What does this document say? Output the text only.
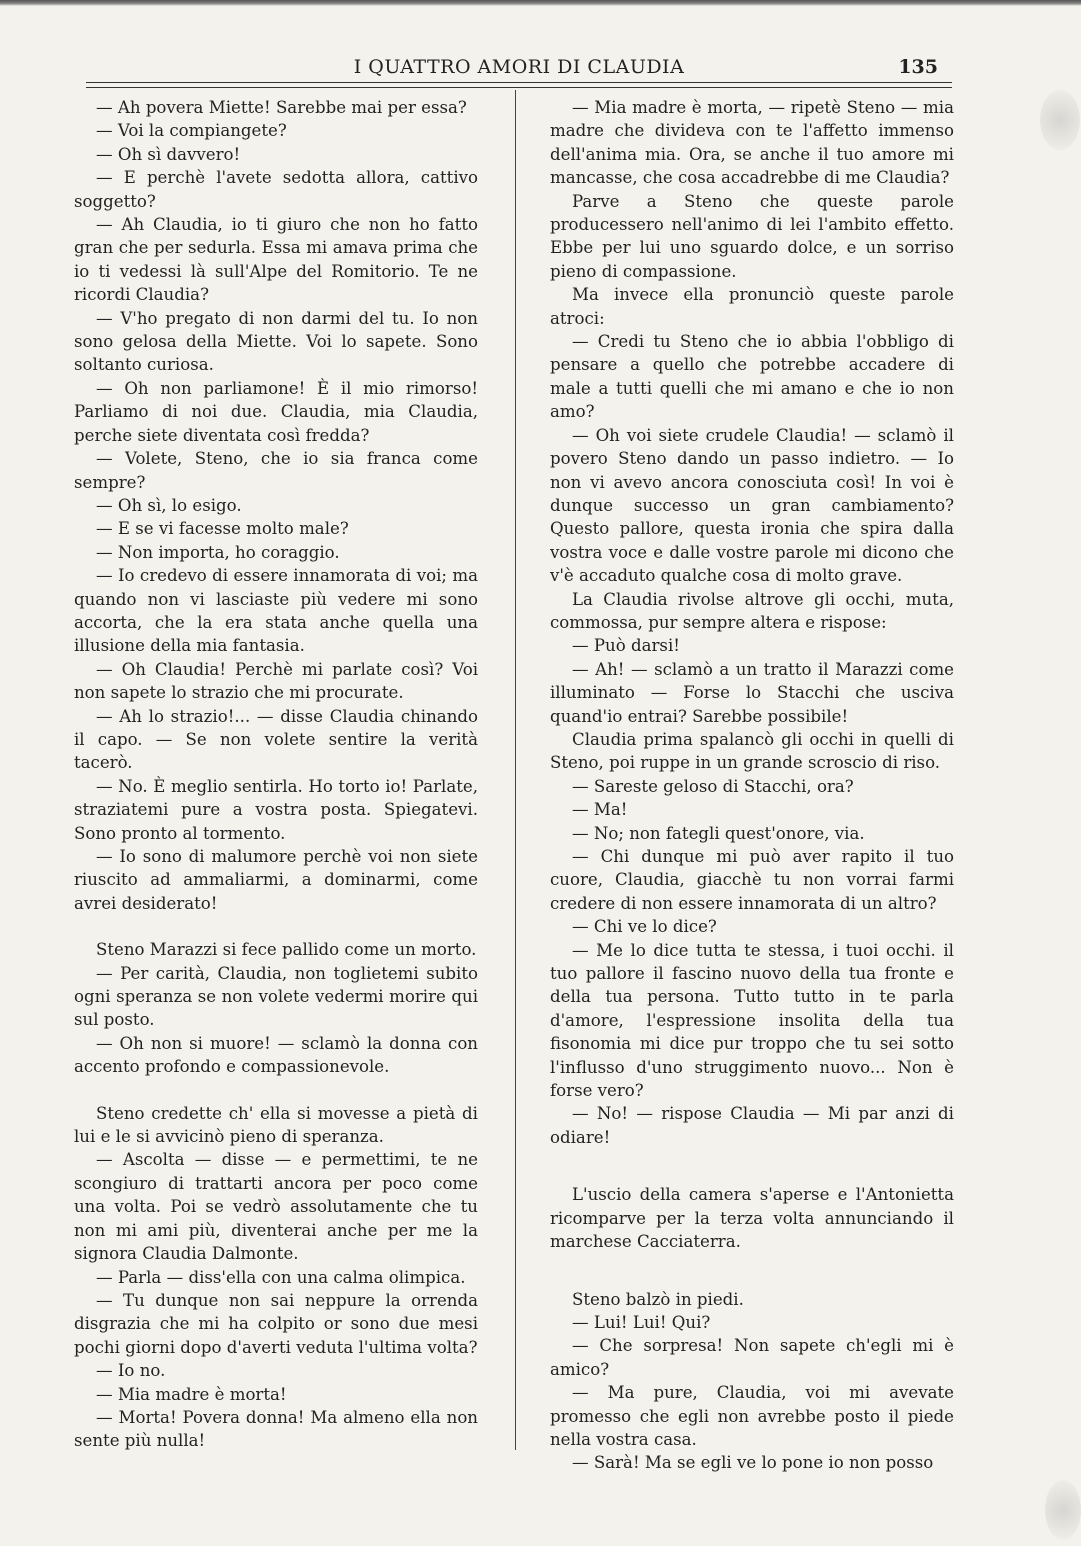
I QUATTRO AMORI DI CLAUDIA	135

— Ah povera Miette! Sarebbe mai per essa?

— Voi la compiangete?

— Oh sì davvero!

— E perchè l'avete sedotta allora, cattivo soggetto?

— Ah Claudia, io ti giuro che non ho fatto gran che per sedurla. Essa mi amava prima che io ti vedessi là sull'Alpe del Romitorio. Te ne ricordi Claudia?

— V'ho pregato di non darmi del tu. Io non sono gelosa della Miette. Voi lo sapete. Sono soltanto curiosa.

— Oh non parliamone! È il mio rimorso! Parliamo di noi due. Claudia, mia Claudia, perche siete diventata così fredda?

— Volete, Steno, che io sia franca come sempre?

— Oh sì, lo esigo.

— E se vi facesse molto male?

— Non importa, ho coraggio.

— Io credevo di essere innamorata di voi; ma quando non vi lasciaste più vedere mi sono accorta, che la era stata anche quella una illusione della mia fantasia.

— Oh Claudia! Perchè mi parlate così? Voi non sapete lo strazio che mi procurate.

— Ah lo strazio!... — disse Claudia chinando il capo. — Se non volete sentire la verità tacerò.

— No. È meglio sentirla. Ho torto io! Parlate, straziatemi pure a vostra posta. Spiegatevi. Sono pronto al tormento.

— Io sono di malumore perchè voi non siete riuscito ad ammaliarmi, a dominarmi, come avrei desiderato!

Steno Marazzi si fece pallido come un morto.

— Per carità, Claudia, non toglietemi subito ogni speranza se non volete vedermi morire qui sul posto.

— Oh non si muore! — sclamò la donna con accento profondo e compassionevole.

Steno credette ch' ella si movesse a pietà di lui e le si avvicinò pieno di speranza.

— Ascolta — disse — e permettimi, te ne scongiuro di trattarti ancora per poco come una volta. Poi se vedrò assolutamente che tu non mi ami più, diventerai anche per me la signora Claudia Dalmonte.

— Parla — diss'ella con una calma olimpica.

— Tu dunque non sai neppure la orrenda disgrazia che mi ha colpito or sono due mesi pochi giorni dopo d'averti veduta l'ultima volta?

— Io no.

— Mia madre è morta!

— Morta! Povera donna! Ma almeno ella non sente più nulla!

— Mia madre è morta, — ripetè Steno — mia madre che divideva con te l'affetto immenso dell'anima mia. Ora, se anche il tuo amore mi mancasse, che cosa accadrebbe di me Claudia?

Parve a Steno che queste parole producessero nell'animo di lei l'ambito effetto. Ebbe per lui uno sguardo dolce, e un sorriso pieno di compassione.

Ma invece ella pronunciò queste parole atroci:

— Credi tu Steno che io abbia l'obbligo di pensare a quello che potrebbe accadere di male a tutti quelli che mi amano e che io non amo?

— Oh voi siete crudele Claudia! — sclamò il povero Steno dando un passo indietro. — Io non vi avevo ancora conosciuta così! In voi è dunque successo un gran cambiamento? Questo pallore, questa ironia che spira dalla vostra voce e dalle vostre parole mi dicono che v'è accaduto qualche cosa di molto grave.

La Claudia rivolse altrove gli occhi, muta, commossa, pur sempre altera e rispose:

— Può darsi!

— Ah! — sclamò a un tratto il Marazzi come illuminato — Forse lo Stacchi che usciva quand'io entrai? Sarebbe possibile!

Claudia prima spalancò gli occhi in quelli di Steno, poi ruppe in un grande scroscio di riso.

— Sareste geloso di Stacchi, ora?

— Ma!

— No; non fategli quest'onore, via.

— Chi dunque mi può aver rapito il tuo cuore, Claudia, giacchè tu non vorrai farmi credere di non essere innamorata di un altro?

— Chi ve lo dice?

— Me lo dice tutta te stessa, i tuoi occhi. il tuo pallore il fascino nuovo della tua fronte e della tua persona. Tutto tutto in te parla d'amore, l'espressione insolita della tua fisonomia mi dice pur troppo che tu sei sotto l'influsso d'uno struggimento nuovo... Non è forse vero?

— No! — rispose Claudia — Mi par anzi di odiare!

L'uscio della camera s'aperse e l'Antonietta ricomparve per la terza volta annunciando il marchese Cacciaterra.

Steno balzò in piedi.

— Lui! Lui! Qui?

— Che sorpresa! Non sapete ch'egli mi è amico?

— Ma pure, Claudia, voi mi avevate promesso che egli non avrebbe posto il piede nella vostra casa.

— Sarà! Ma se egli ve lo pone io non posso
